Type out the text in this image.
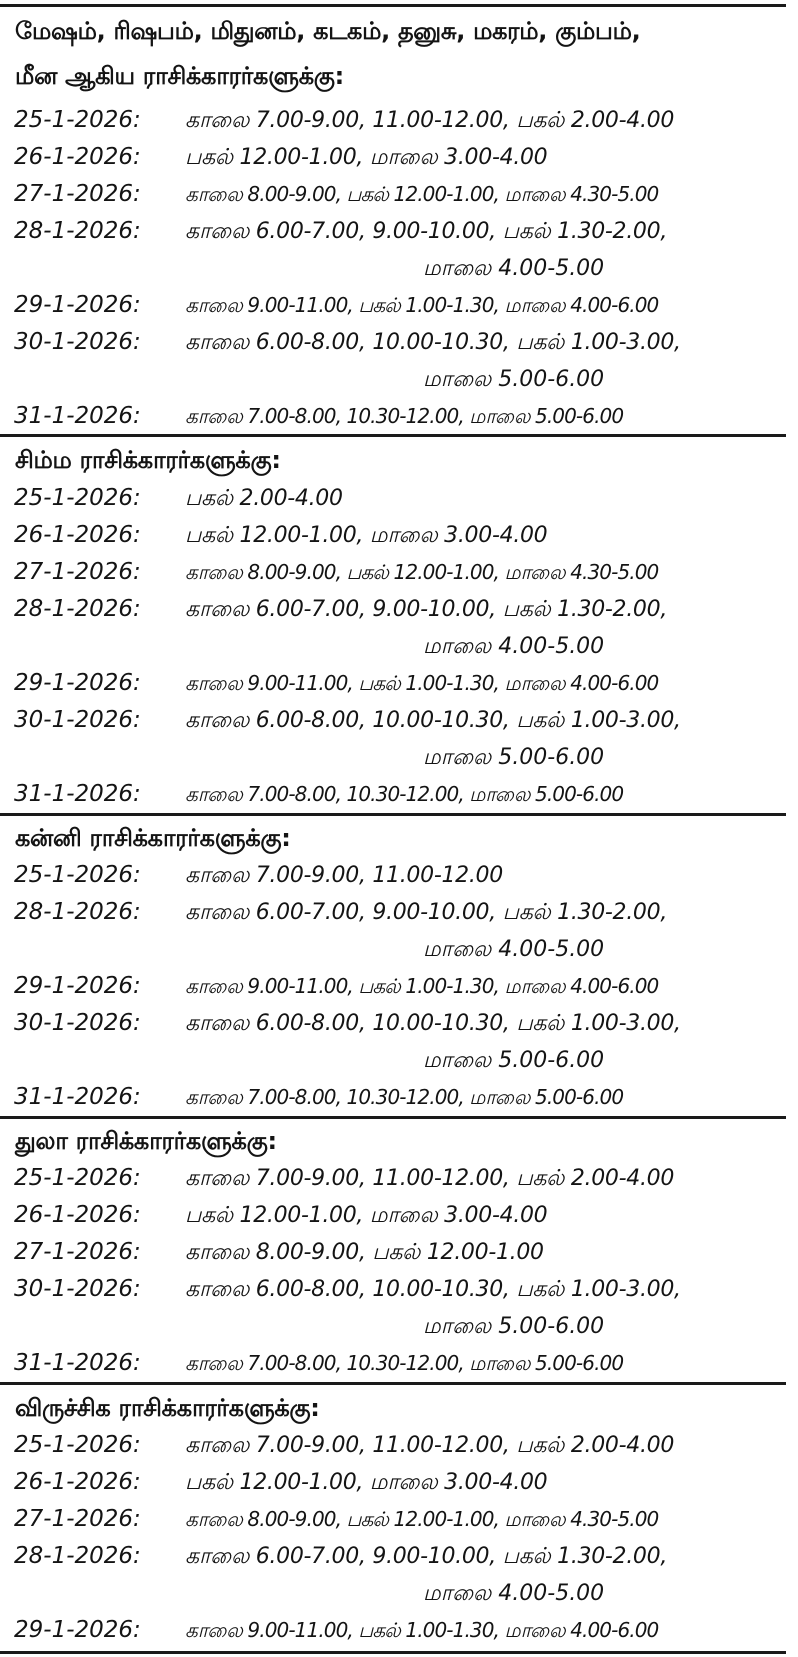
மேஷம், ரிஷபம், மிதுனம், கடகம், தனுசு, மகரம், கும்பம்,
மீன ஆகிய ராசிக்காரர்களுக்கு:
25-1-2026: காலை 7.00-9.00, 11.00-12.00, பகல் 2.00-4.00
26-1-2026: பகல் 12.00-1.00, மாலை 3.00-4.00
27-1-2026: காலை 8.00-9.00, பகல் 12.00-1.00, மாலை 4.30-5.00
28-1-2026: காலை 6.00-7.00, 9.00-10.00, பகல் 1.30-2.00,
மாலை 4.00-5.00
29-1-2026: காலை 9.00-11.00, பகல் 1.00-1.30, மாலை 4.00-6.00
30-1-2026: காலை 6.00-8.00, 10.00-10.30, பகல் 1.00-3.00,
மாலை 5.00-6.00
31-1-2026: காலை 7.00-8.00, 10.30-12.00, மாலை 5.00-6.00
சிம்ம ராசிக்காரர்களுக்கு:
25-1-2026: பகல் 2.00-4.00
26-1-2026: பகல் 12.00-1.00, மாலை 3.00-4.00
27-1-2026: காலை 8.00-9.00, பகல் 12.00-1.00, மாலை 4.30-5.00
28-1-2026: காலை 6.00-7.00, 9.00-10.00, பகல் 1.30-2.00,
மாலை 4.00-5.00
29-1-2026: காலை 9.00-11.00, பகல் 1.00-1.30, மாலை 4.00-6.00
30-1-2026: காலை 6.00-8.00, 10.00-10.30, பகல் 1.00-3.00,
மாலை 5.00-6.00
31-1-2026: காலை 7.00-8.00, 10.30-12.00, மாலை 5.00-6.00
கன்னி ராசிக்காரர்களுக்கு:
25-1-2026: காலை 7.00-9.00, 11.00-12.00
28-1-2026: காலை 6.00-7.00, 9.00-10.00, பகல் 1.30-2.00,
மாலை 4.00-5.00
29-1-2026: காலை 9.00-11.00, பகல் 1.00-1.30, மாலை 4.00-6.00
30-1-2026: காலை 6.00-8.00, 10.00-10.30, பகல் 1.00-3.00,
மாலை 5.00-6.00
31-1-2026: காலை 7.00-8.00, 10.30-12.00, மாலை 5.00-6.00
துலா ராசிக்காரர்களுக்கு:
25-1-2026: காலை 7.00-9.00, 11.00-12.00, பகல் 2.00-4.00
26-1-2026: பகல் 12.00-1.00, மாலை 3.00-4.00
27-1-2026: காலை 8.00-9.00, பகல் 12.00-1.00
30-1-2026: காலை 6.00-8.00, 10.00-10.30, பகல் 1.00-3.00,
மாலை 5.00-6.00
31-1-2026: காலை 7.00-8.00, 10.30-12.00, மாலை 5.00-6.00
விருச்சிக ராசிக்காரர்களுக்கு:
25-1-2026: காலை 7.00-9.00, 11.00-12.00, பகல் 2.00-4.00
26-1-2026: பகல் 12.00-1.00, மாலை 3.00-4.00
27-1-2026: காலை 8.00-9.00, பகல் 12.00-1.00, மாலை 4.30-5.00
28-1-2026: காலை 6.00-7.00, 9.00-10.00, பகல் 1.30-2.00,
மாலை 4.00-5.00
29-1-2026: காலை 9.00-11.00, பகல் 1.00-1.30, மாலை 4.00-6.00
